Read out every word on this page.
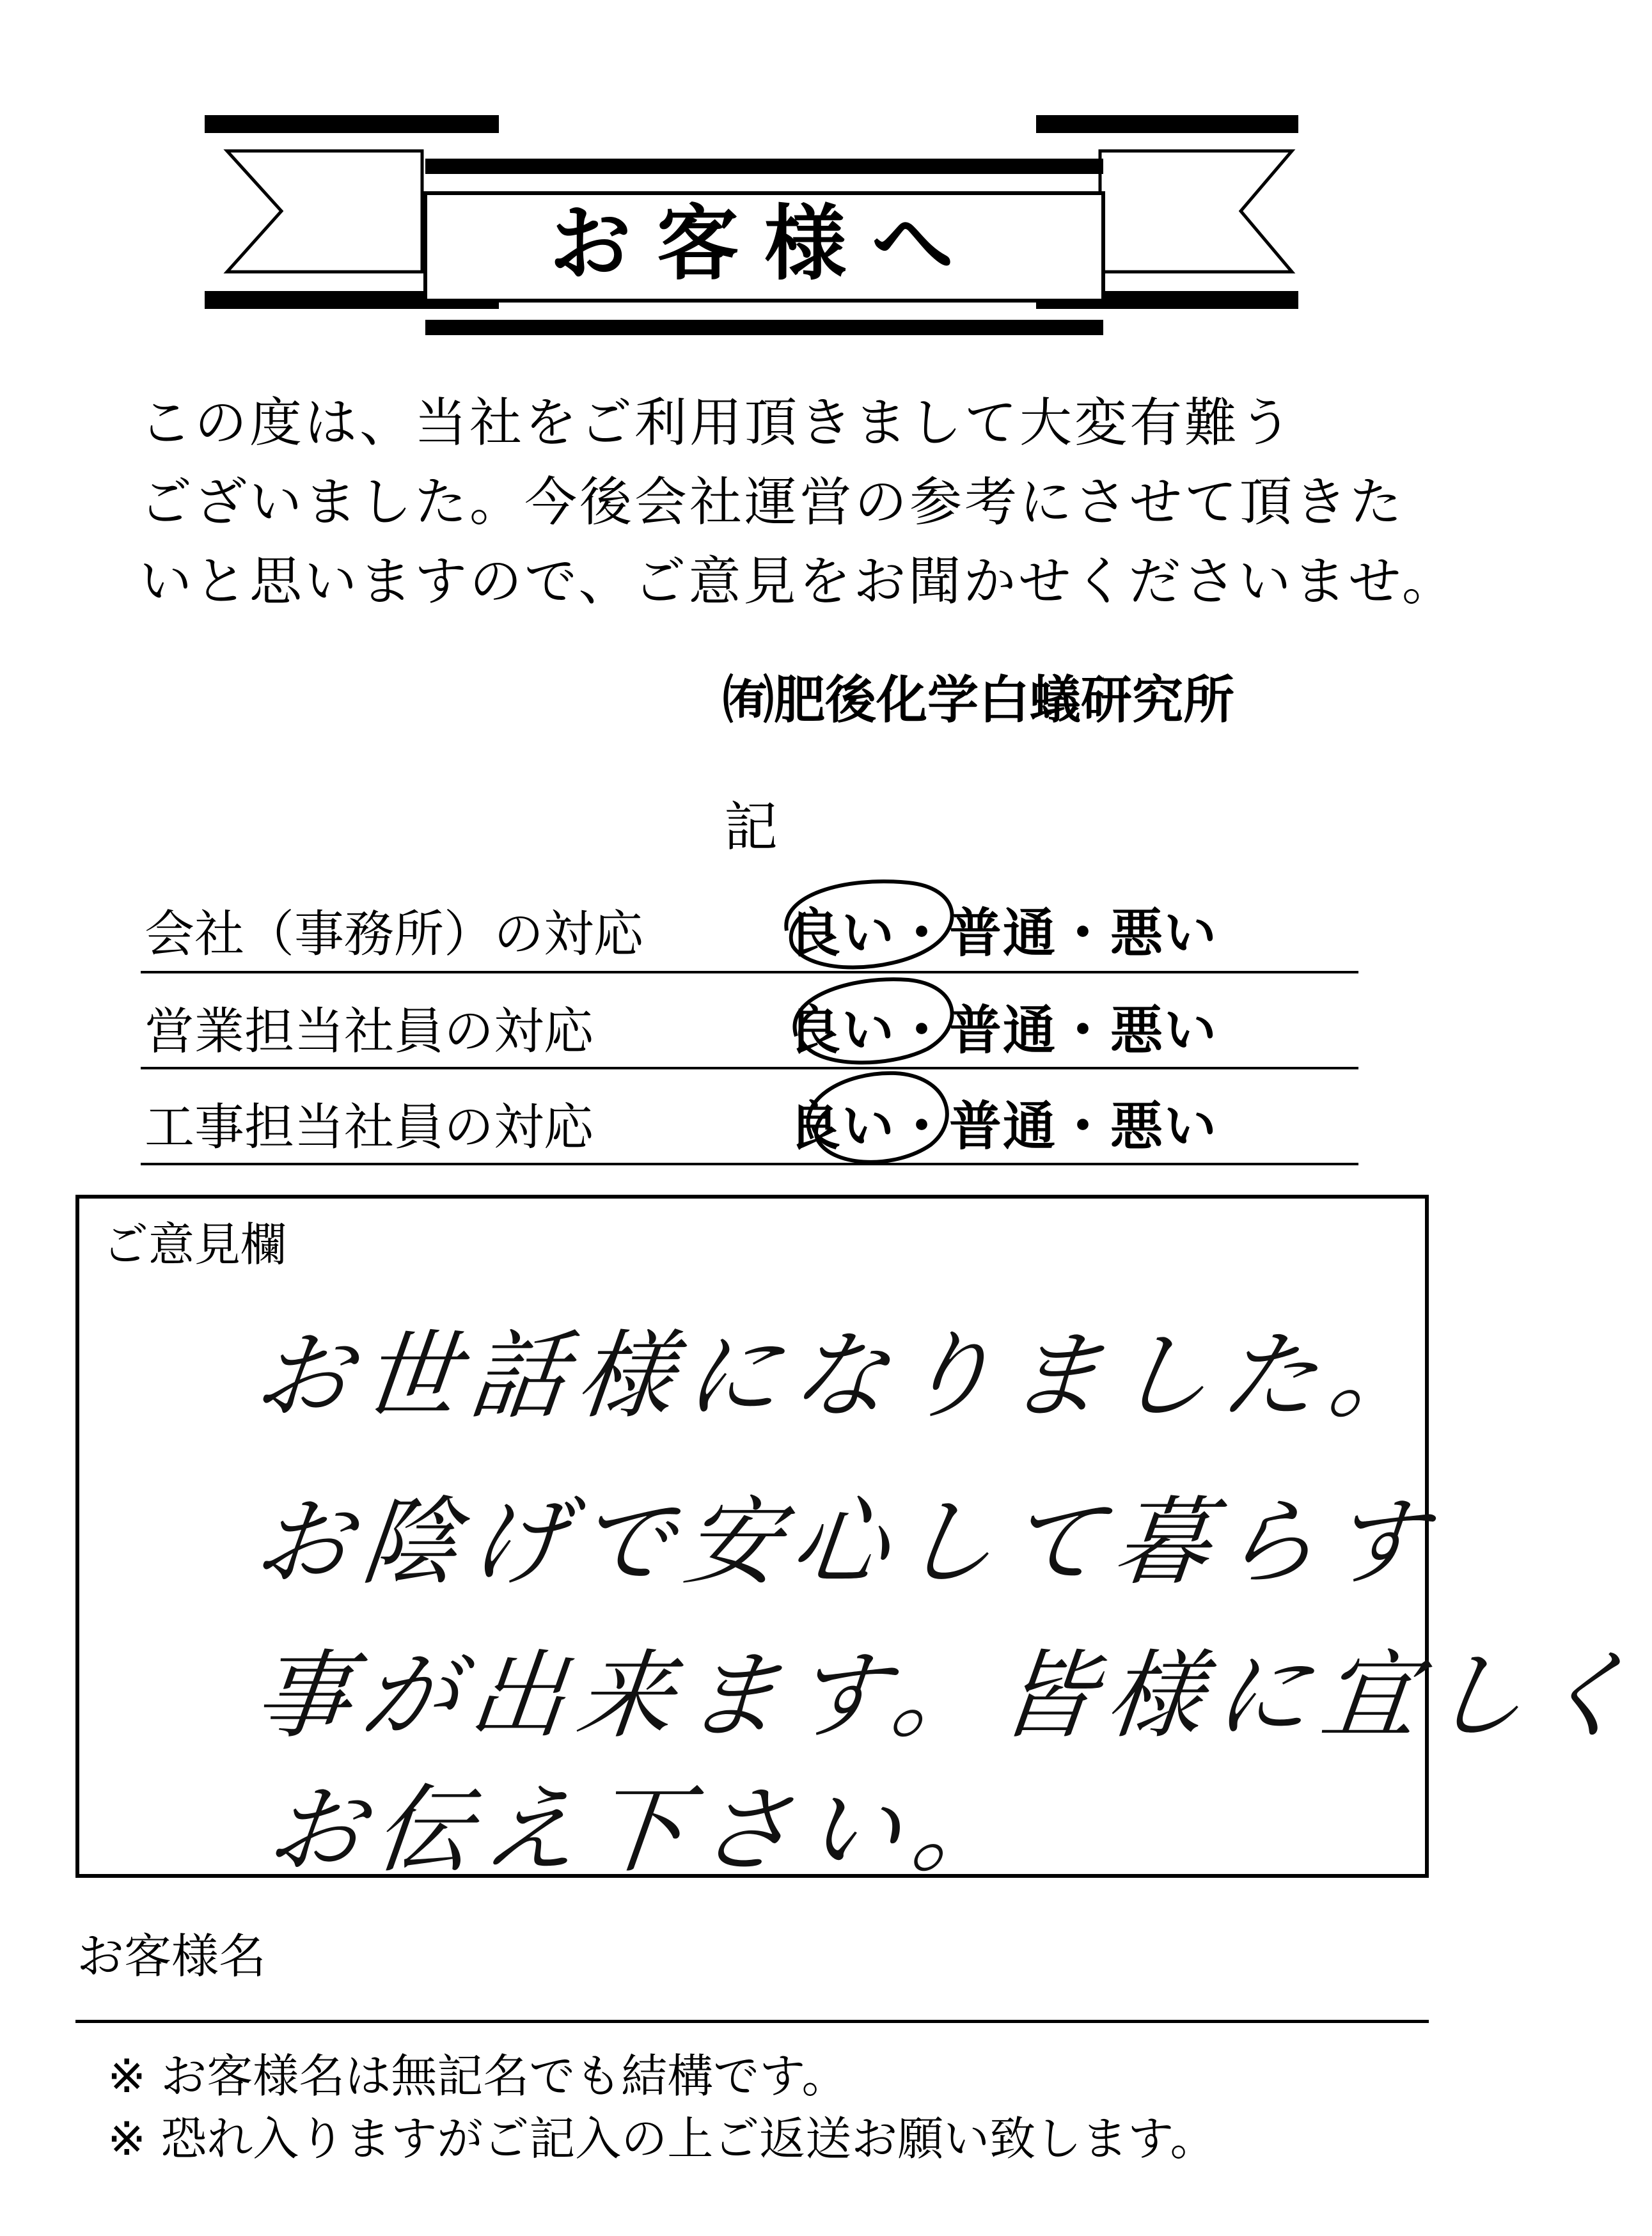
お客様へ
この度は、当社をご利用頂きまして大変有難う
ございました。今後会社運営の参考にさせて頂きた
いと思いますので、ご意見をお聞かせくださいませ。
㈲肥後化学白蟻研究所
記
会社（事務所）の対応	良い・普通・悪い
営業担当社員の対応	良い・普通・悪い
工事担当社員の対応	良い・普通・悪い
ご意見欄
お世話様になりました。
お陰げで安心して暮らす
事が出来ます。皆様に宜しく
お伝え下さい。
お客様名
※ お客様名は無記名でも結構です。
※ 恐れ入りますがご記入の上ご返送お願い致します。
